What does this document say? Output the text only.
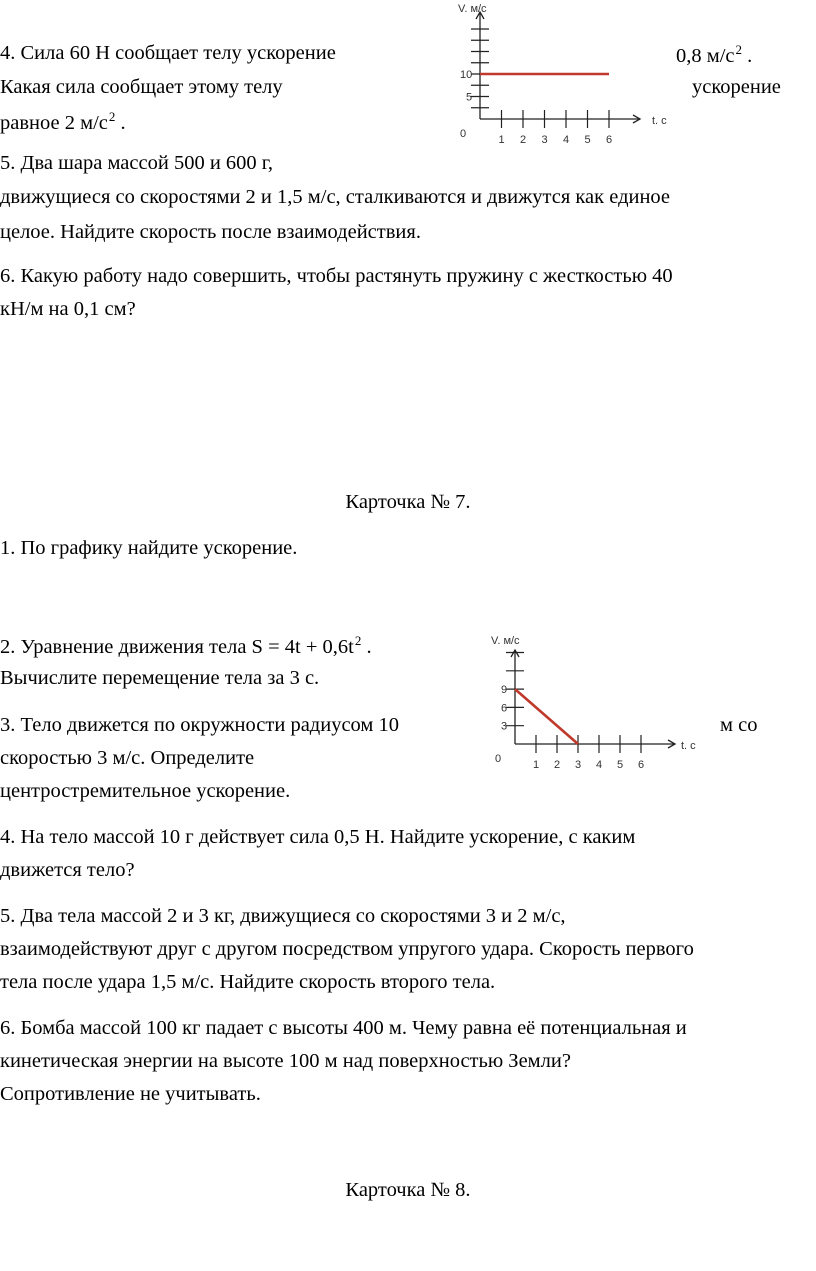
4. Сила 60 Н сообщает телу ускорение	0,8 $м/с^2$ .
Какая сила сообщает этому телу	ускорение
равное 2 $м/с^2$ .
5. Два шара массой 500 и 600 г,
движущиеся со скоростями 2 и 1,5 м/с, сталкиваются и движутся как единое
целое. Найдите скорость после взаимодействия.
6. Какую работу надо совершить, чтобы растянуть пружину с жесткостью 40
кН/м на 0,1 см?
V. м/с
t. с
0	1 2 3 4 5 6
5
10
Карточка № 7.
1. По графику найдите ускорение.
2. Уравнение движения тела $S = 4t + 0,6t^2$ .
Вычислите перемещение тела за 3 с.
3. Тело движется по окружности радиусом 10	м со
скоростью 3 м/с. Определите
центростремительное ускорение.
4. На тело массой 10 г действует сила 0,5 Н. Найдите ускорение, с каким
движется тело?
5. Два тела массой 2 и 3 кг, движущиеся со скоростями 3 и 2 м/с,
взаимодействуют друг с другом посредством упругого удара. Скорость первого
тела после удара 1,5 м/с. Найдите скорость второго тела.
6. Бомба массой 100 кг падает с высоты 400 м. Чему равна её потенциальная и
кинетическая энергии на высоте 100 м над поверхностью Земли?
Сопротивление не учитывать.
V. м/с
t. с
0	1 2 3 4 5 6
3
6
9
Карточка № 8.
